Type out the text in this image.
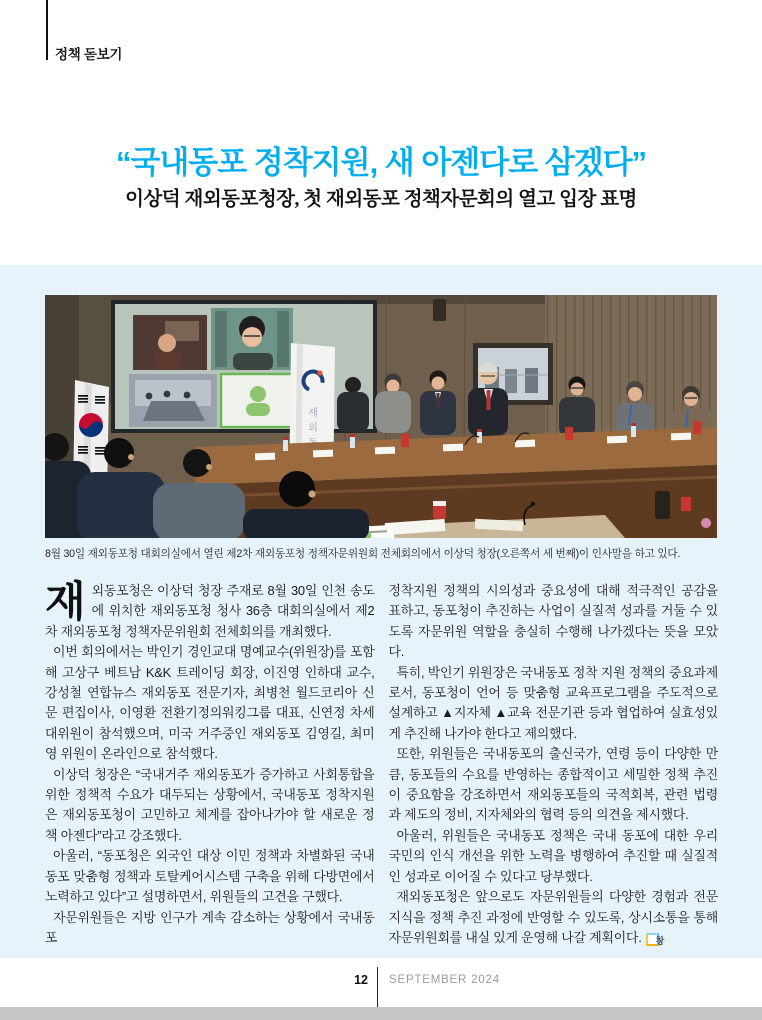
정책 돋보기
“국내동포 정착지원, 새 아젠다로 삼겠다”
이상덕 재외동포청장, 첫 재외동포 정책자문회의 열고 입장 표명
재
외
8월 30일 재외동포청 대회의실에서 열린 제2차 재외동포청 정책자문위원회 전체회의에서 이상덕 청장(오른쪽서 세 번째)이 인사말을 하고 있다.

재외동포청은 이상덕 청장 주재로 8월 30일 인천 송도에 위치한 재외동포청 청사 36층 대회의실에서 제2차 재외동포청 정책자문위원회 전체회의를 개최했다.

이번 회의에서는 박인기 경인교대 명예교수(위원장)를 포함해 고상구 베트남 K&K 트레이딩 회장, 이진영 인하대 교수, 강성철 연합뉴스 재외동포 전문기자, 최병천 월드코리아 신문 편집이사, 이영환 전환기정의워킹그룹 대표, 신연정 차세대위원이 참석했으며, 미국 거주중인 재외동포 김영길, 최미영 위원이 온라인으로 참석했다.

이상덕 청장은 “국내거주 재외동포가 증가하고 사회통합을 위한 정책적 수요가 대두되는 상황에서, 국내동포 정착지원은 재외동포청이 고민하고 체계를 잡아나가야 할 새로운 정책 아젠다”라고 강조했다.

아울러, “동포청은 외국인 대상 이민 정책과 차별화된 국내 동포 맞춤형 정책과 토탈케어시스템 구축을 위해 다방면에서 노력하고 있다”고 설명하면서, 위원들의 고견을 구했다.

자문위원들은 지방 인구가 계속 감소하는 상황에서 국내동포

정착지원 정책의 시의성과 중요성에 대해 적극적인 공감을 표하고, 동포청이 추진하는 사업이 실질적 성과를 거둘 수 있도록 자문위원 역할을 충실히 수행해 나가겠다는 뜻을 모았다.

특히, 박인기 위원장은 국내동포 정착 지원 정책의 중요과제로서, 동포청이 언어 등 맞춤형 교육프로그램을 주도적으로 설계하고 ▲지자체 ▲교육 전문기관 등과 협업하여 실효성있게 추진해 나가야 한다고 제의했다.

또한, 위원들은 국내동포의 출신국가, 연령 등이 다양한 만큼, 동포들의 수요를 반영하는 종합적이고 세밀한 정책 추진이 중요함을 강조하면서 재외동포들의 국적회복, 관련 법령과 제도의 정비, 지자체와의 협력 등의 의견을 제시했다.

아울러, 위원들은 국내동포 정책은 국내 동포에 대한 우리 국민의 인식 개선을 위한 노력을 병행하여 추진할 때 실질적인 성과로 이어질 수 있다고 당부했다.

재외동포청은 앞으로도 자문위원들의 다양한 경험과 전문지식을 정책 추진 과정에 반영할 수 있도록, 상시소통을 통해 자문위원회를 내실 있게 운영해 나갈 계획이다. 창

12 SEPTEMBER 2024
